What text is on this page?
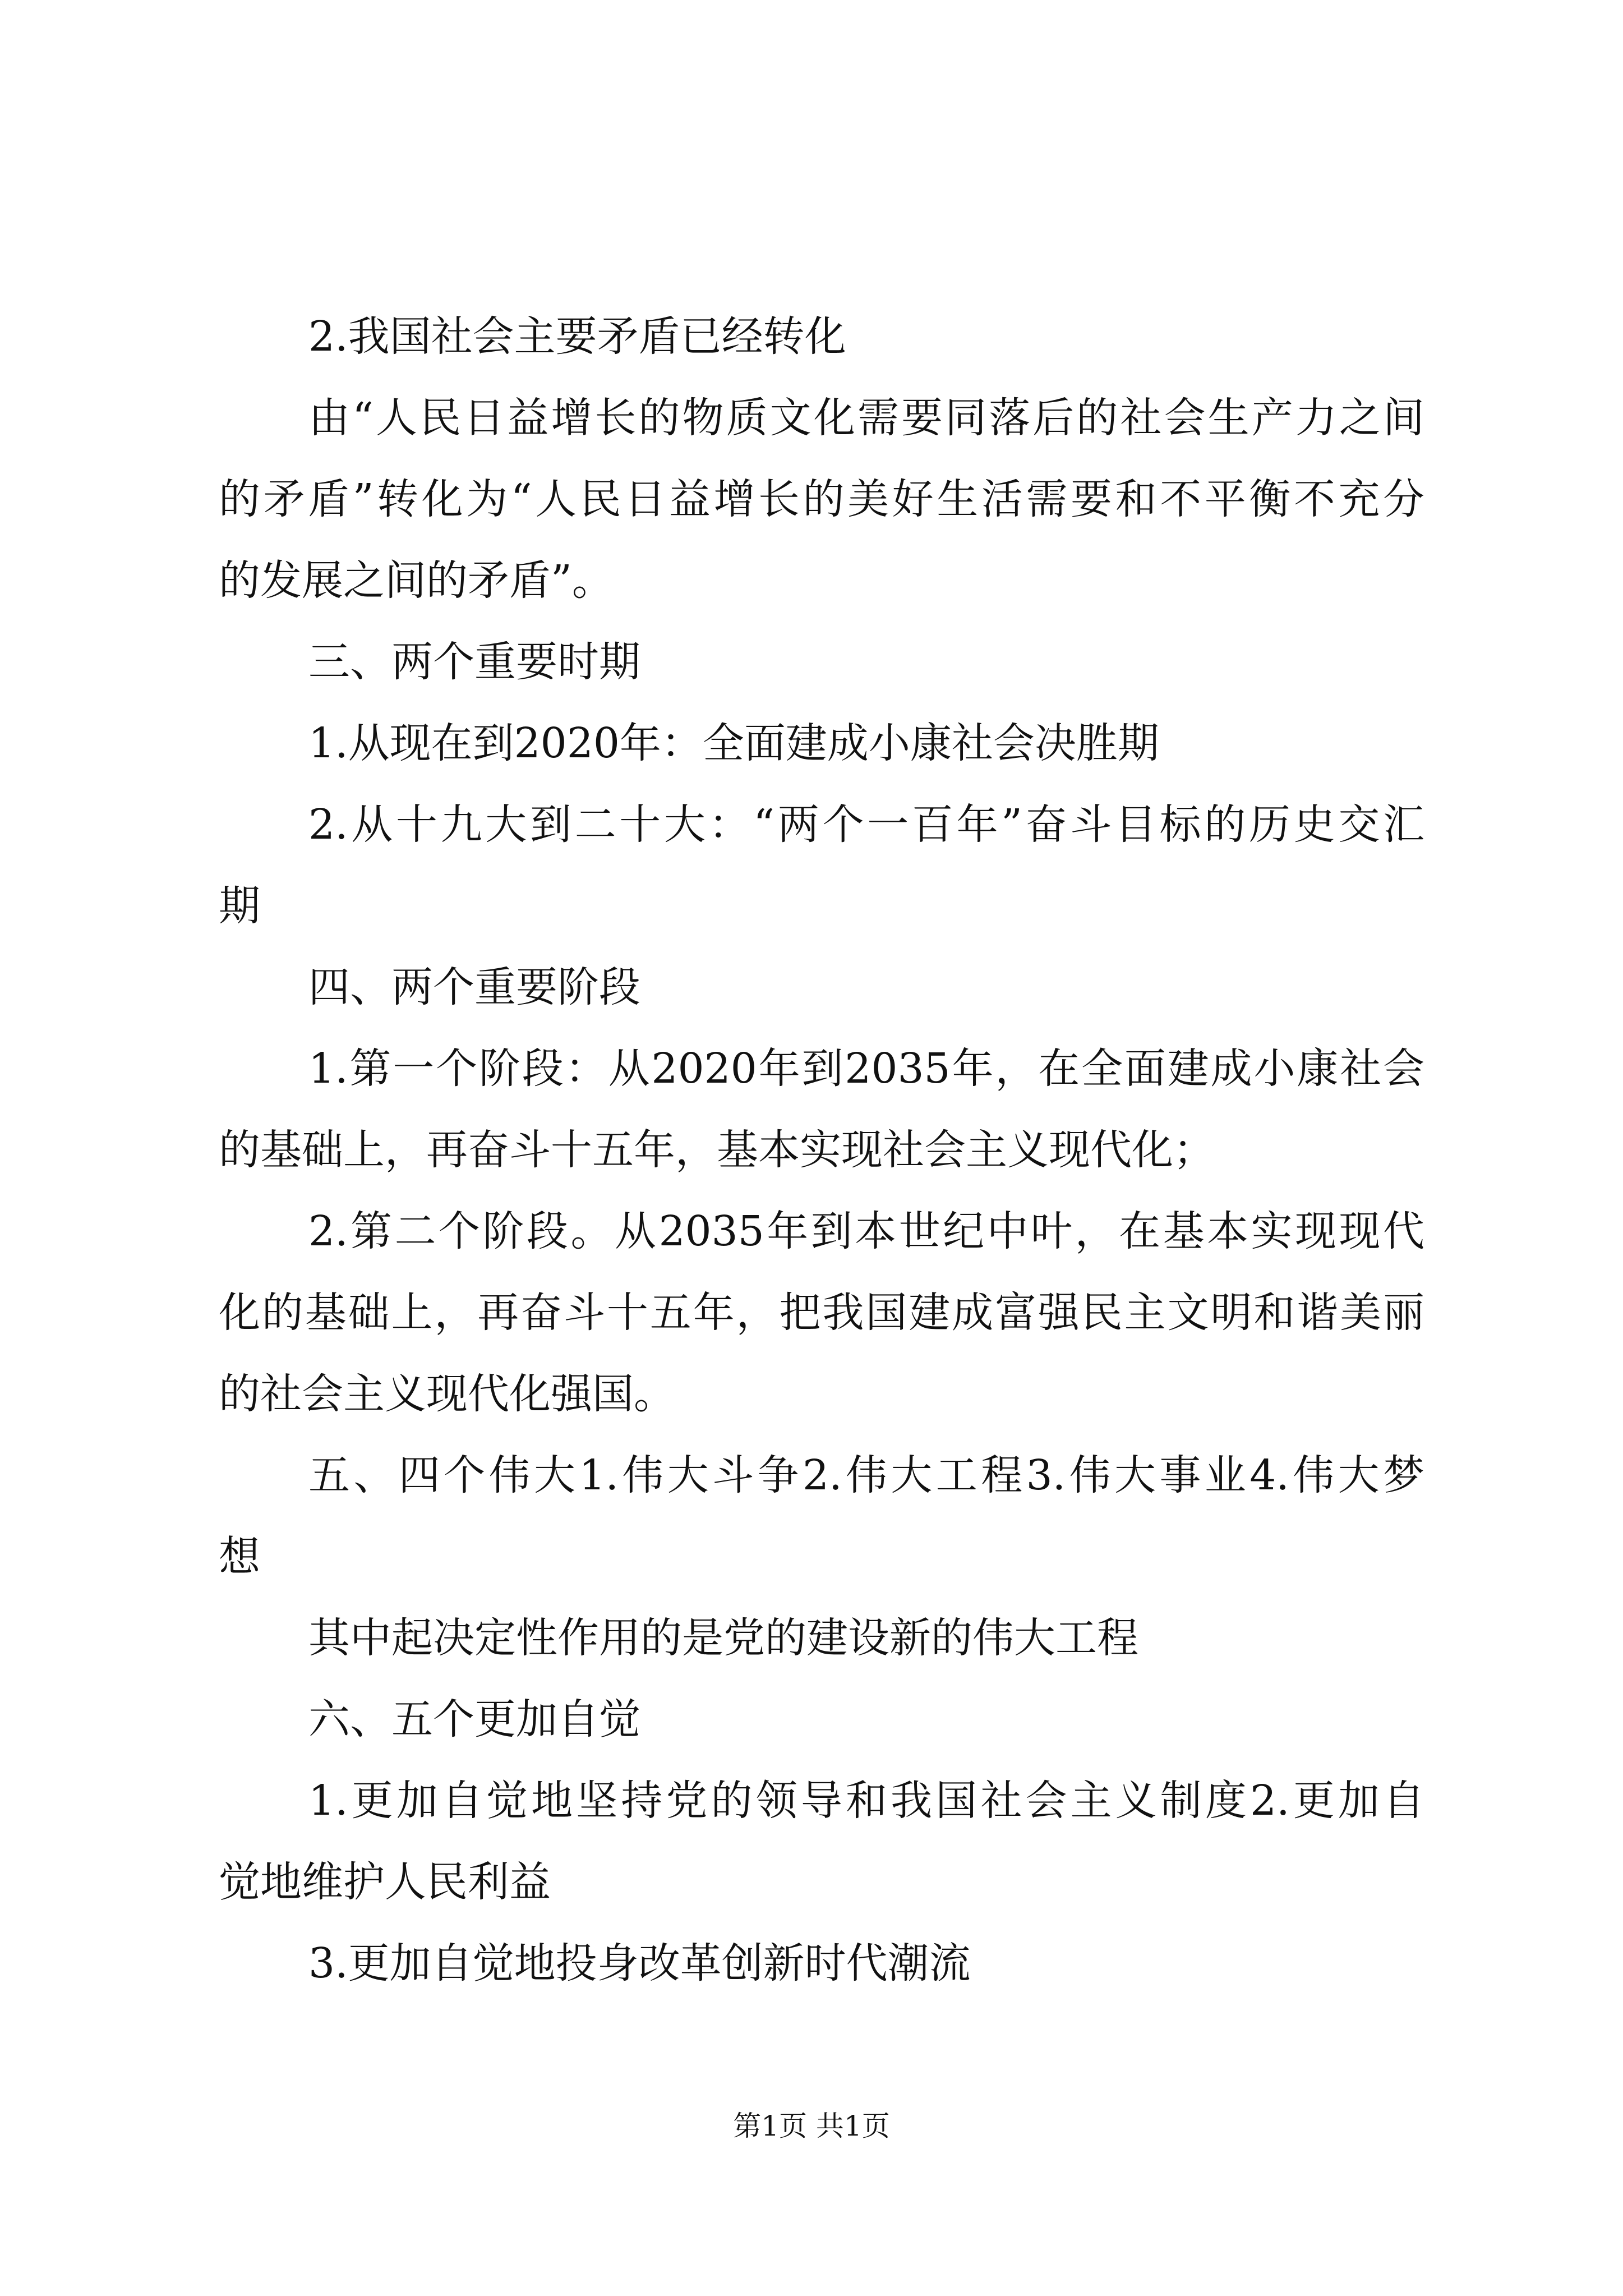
2.我国社会主要矛盾已经转化
由“人民日益增长的物质文化需要同落后的社会生产力之间
的矛盾”转化为“人民日益增长的美好生活需要和不平衡不充分
的发展之间的矛盾”。
三、两个重要时期
1.从现在到2020年：全面建成小康社会决胜期
2.从十九大到二十大：“两个一百年”奋斗目标的历史交汇
期
四、两个重要阶段
1.第一个阶段：从2020年到2035年，在全面建成小康社会
的基础上，再奋斗十五年，基本实现社会主义现代化；
2.第二个阶段。从2035年到本世纪中叶，在基本实现现代
化的基础上，再奋斗十五年，把我国建成富强民主文明和谐美丽
的社会主义现代化强国。
五、四个伟大1.伟大斗争2.伟大工程3.伟大事业4.伟大梦
想
其中起决定性作用的是党的建设新的伟大工程
六、五个更加自觉
1.更加自觉地坚持党的领导和我国社会主义制度2.更加自
觉地维护人民利益
3.更加自觉地投身改革创新时代潮流
第1页 共1页
